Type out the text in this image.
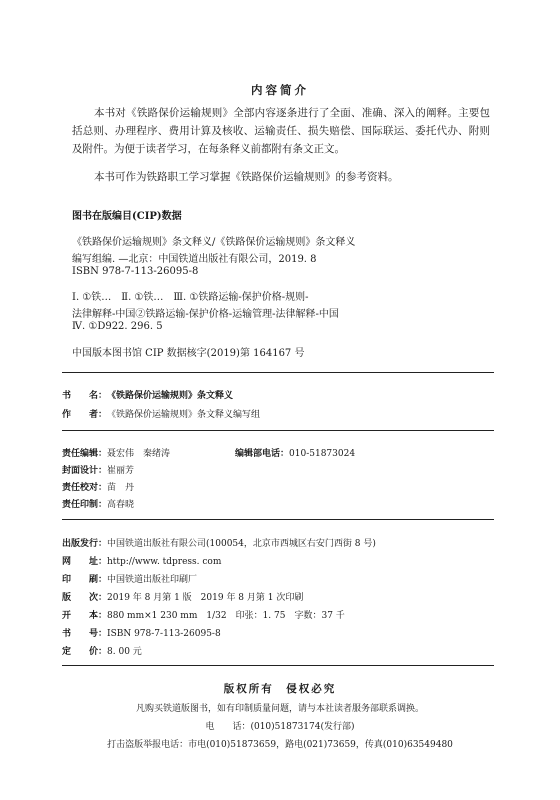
内容简介
本书对《铁路保价运输规则》全部内容逐条进行了全面、准确、深入的阐释。主要包括总则、办理程序、费用计算及核收、运输责任、损失赔偿、国际联运、委托代办、附则及附件。为便于读者学习，在每条释义前都附有条文正文。
本书可作为铁路职工学习掌握《铁路保价运输规则》的参考资料。
图书在版编目(CIP)数据
《铁路保价运输规则》条文释义/《铁路保价运输规则》条文释义
编写组编. —北京：中国铁道出版社有限公司，2019. 8
ISBN 978-7-113-26095-8
Ⅰ. ①铁…　Ⅱ. ①铁…　Ⅲ. ①铁路运输-保护价格-规则-
法律解释-中国②铁路运输-保护价格-运输管理-法律解释-中国
Ⅳ. ①D922. 296. 5
中国版本图书馆 CIP 数据核字(2019)第 164167 号
书　　名：《铁路保价运输规则》条文释义
作　　者：《铁路保价运输规则》条文释义编写组
责任编辑：聂宏伟　秦绪涛	编辑部电话：010-51873024
封面设计：崔丽芳
责任校对：苗　丹
责任印制：高春晓
出版发行：中国铁道出版社有限公司(100054，北京市西城区右安门西街 8 号)
网　　址：http://www. tdpress. com
印　　刷：中国铁道出版社印刷厂
版　　次：2019 年 8 月第 1 版　2019 年 8 月第 1 次印刷
开　　本：880 mm×1 230 mm　1/32　印张：1. 75　字数：37 千
书　　号：ISBN 978-7-113-26095-8
定　　价：8. 00 元
版权所有　侵权必究
凡购买铁道版图书，如有印制质量问题，请与本社读者服务部联系调换。
电　　话：(010)51873174(发行部)
打击盗版举报电话：市电(010)51873659，路电(021)73659，传真(010)63549480
